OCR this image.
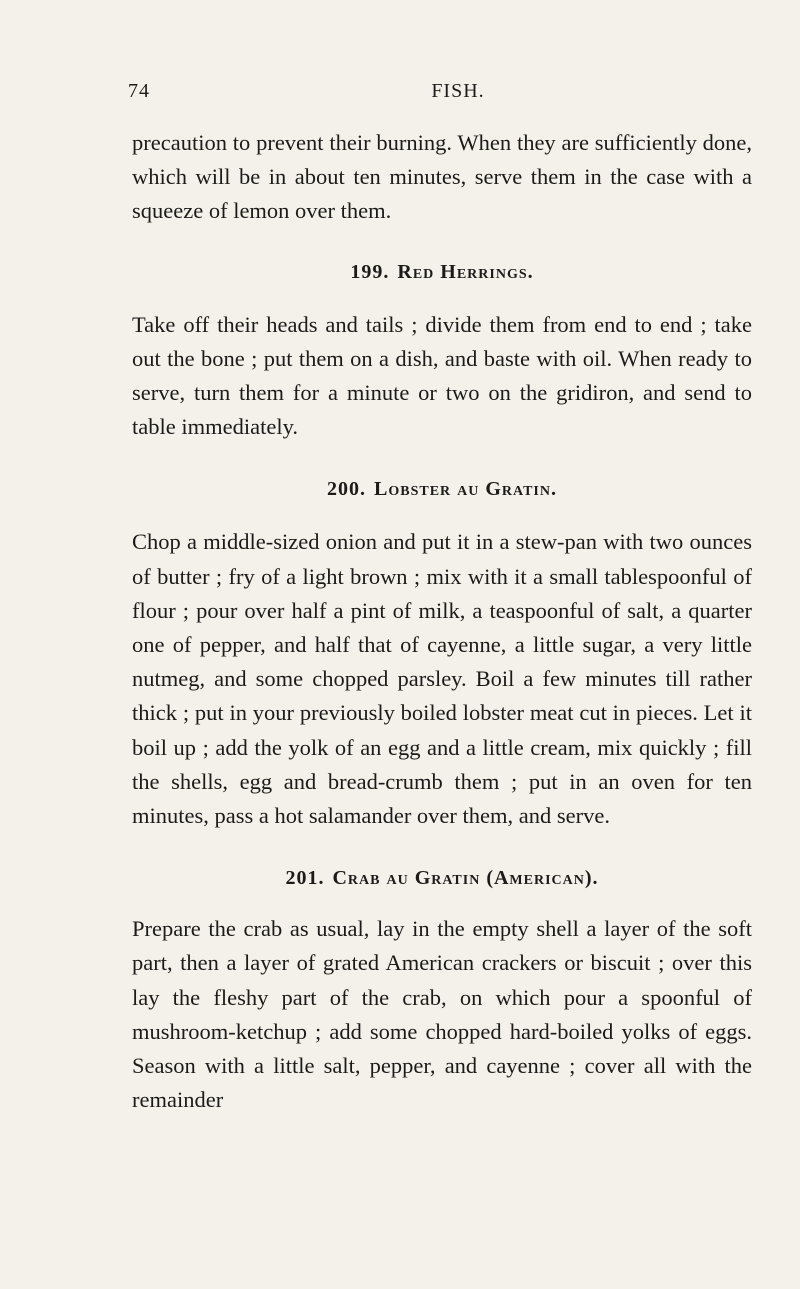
74	FISH.

precaution to prevent their burning. When they are sufficiently done, which will be in about ten minutes, serve them in the case with a squeeze of lemon over them.

199. Red Herrings.

Take off their heads and tails ; divide them from end to end ; take out the bone ; put them on a dish, and baste with oil. When ready to serve, turn them for a minute or two on the gridiron, and send to table immediately.

200. Lobster au Gratin.

Chop a middle-sized onion and put it in a stew-pan with two ounces of butter ; fry of a light brown ; mix with it a small tablespoonful of flour ; pour over half a pint of milk, a teaspoonful of salt, a quarter one of pepper, and half that of cayenne, a little sugar, a very little nutmeg, and some chopped parsley. Boil a few minutes till rather thick ; put in your previously boiled lobster meat cut in pieces. Let it boil up ; add the yolk of an egg and a little cream, mix quickly ; fill the shells, egg and bread-crumb them ; put in an oven for ten minutes, pass a hot salamander over them, and serve.

201. Crab au Gratin (American).

Prepare the crab as usual, lay in the empty shell a layer of the soft part, then a layer of grated American crackers or biscuit ; over this lay the fleshy part of the crab, on which pour a spoonful of mushroom-ketchup ; add some chopped hard-boiled yolks of eggs. Season with a little salt, pepper, and cayenne ; cover all with the remainder
